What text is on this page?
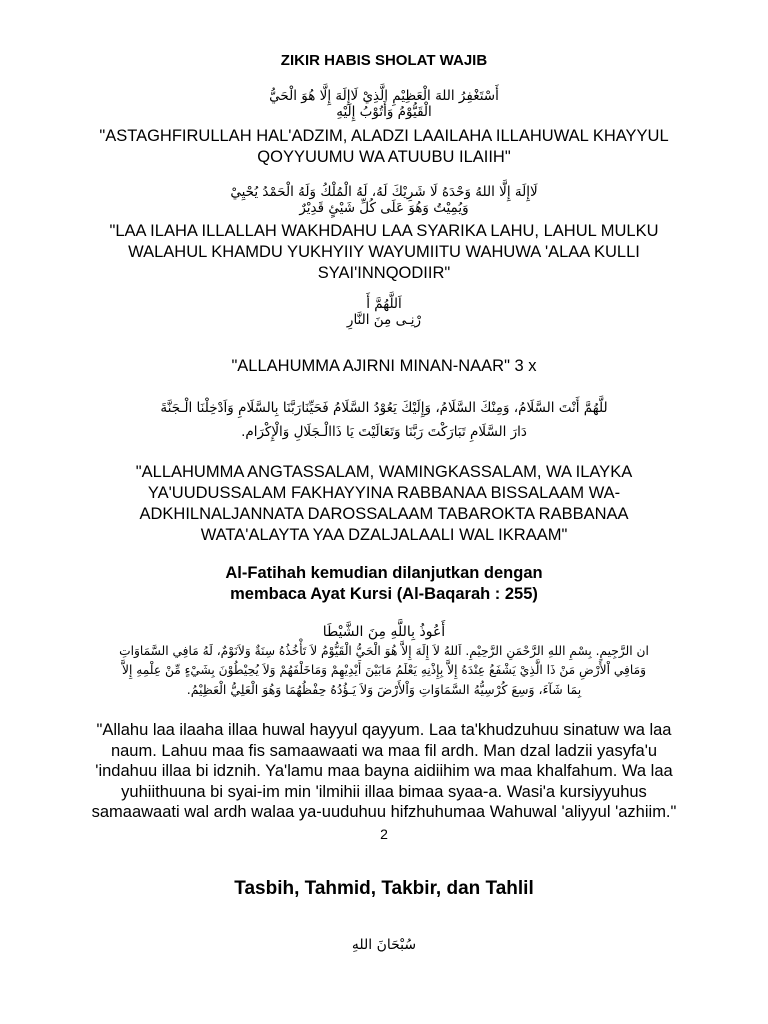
ZIKIR HABIS SHOLAT WAJIB
أَسْتَغْفِرُ اللهَ الْعَظِيْمِ الَّذِيْ لَاإِلَهَ إِلَّا هُوَ الْحَيُّ
الْقَيُّوْمُ وَأَتُوْبُ إِلَيْهِ
"ASTAGHFIRULLAH HAL'ADZIM, ALADZI LAAILAHA ILLAHUWAL KHAYYUL
QOYYUUMU WA ATUUBU ILAIIH"
لَاإِلَهَ إِلَّا اللهُ وَحْدَهُ لَا شَرِيْكَ لَهُ، لَهُ الْمُلْكُ وَلَهُ الْحَمْدُ يُحْيِيْ
وَيُمِيْتُ وَهُوَ عَلَى كُلِّ شَيْئٍ قَدِيْرٌ
"LAA ILAHA ILLALLAH WAKHDAHU LAA SYARIKA LAHU, LAHUL MULKU
WALAHUL KHAMDU YUKHYIIY WAYUMIITU WAHUWA 'ALAA KULLI
SYAI'INNQODIIR"
اَللَّهُمَّ أَ
رْنِـى مِنَ النَّارِ
"ALLAHUMMA AJIRNI MINAN-NAAR" 3 x
للَّهُمَّ أَنْتَ السَّلَامُ، وَمِنْكَ السَّلَامُ، وَإِلَيْكَ يَعُوْدُ السَّلَامُ فَحَيِّنَارَبَّنَا بِالسَّلَامِ وَاَدْخِلْنَا الْـجَنَّةَ
دَارَ السَّلَامِ تَبَارَكْتَ رَبَّنَا وَتَعَالَيْتَ يَا ذَاالْـجَلَالِ وَالْإِكْرَام.
"ALLAHUMMA ANGTASSALAM, WAMINGKASSALAM, WA ILAYKA
YA'UUDUSSALAM FAKHAYYINA RABBANAA BISSALAAM WA-
ADKHILNALJANNATA DAROSSALAAM TABAROKTA RABBANAA
WATA'ALAYTA YAA DZALJALAALI WAL IKRAAM"
Al-Fatihah kemudian dilanjutkan dengan
membaca Ayat Kursi (Al-Baqarah : 255)
أَعُوذُ بِاللَّهِ مِنَ الشَّيْطَا
ان الرَّجِيمِ. بِسْمِ اللهِ الرَّحْمَنِ الرَّحِيْمِ. اَللهُ لاَ إِلَهَ إِلاَّ هُوَ الْحَيُّ الْقَيُّوْمُ لاَ تَأْخُذُهُ سِنَةٌ وَلاَنَوْمٌ، لَهُ مَافِي السَّمَاوَاتِ
وَمَافِي اْلأَرْضِ مَنْ ذَا الَّذِيْ يَشْفَعُ عِنْدَهُ إِلاَّ بِإِذْنِهِ يَعْلَمُ مَابَيْنَ أَيْدِيْهِمْ وَمَاخَلْفَهُمْ وَلاَ يُحِيْطُوْنَ بِشَيْءٍ مِّنْ عِلْمِهِ إِلاَّ
بِمَا شَآءَ، وَسِعَ كُرْسِيُّهُ السَّمَاوَاتِ وَاْلأَرْضَ وَلاَ يَـؤُدُهُ حِفْظُهُمَا وَهُوَ الْعَلِيُّ الْعَظِيْمُ.
"Allahu laa ilaaha illaa huwal hayyul qayyum. Laa ta'khudzuhuu sinatuw wa laa
naum. Lahuu maa fis samaawaati wa maa fil ardh. Man dzal ladzii yasyfa'u
'indahuu illaa bi idznih. Ya'lamu maa bayna aidiihim wa maa khalfahum. Wa laa
yuhiithuuna bi syai-im min 'ilmihii illaa bimaa syaa-a. Wasi'a kursiyyuhus
samaawaati wal ardh walaa ya-uuduhuu hifzhuhumaa Wahuwal 'aliyyul 'azhiim."
2
Tasbih, Tahmid, Takbir, dan Tahlil
سُبْحَانَ اللهِ
